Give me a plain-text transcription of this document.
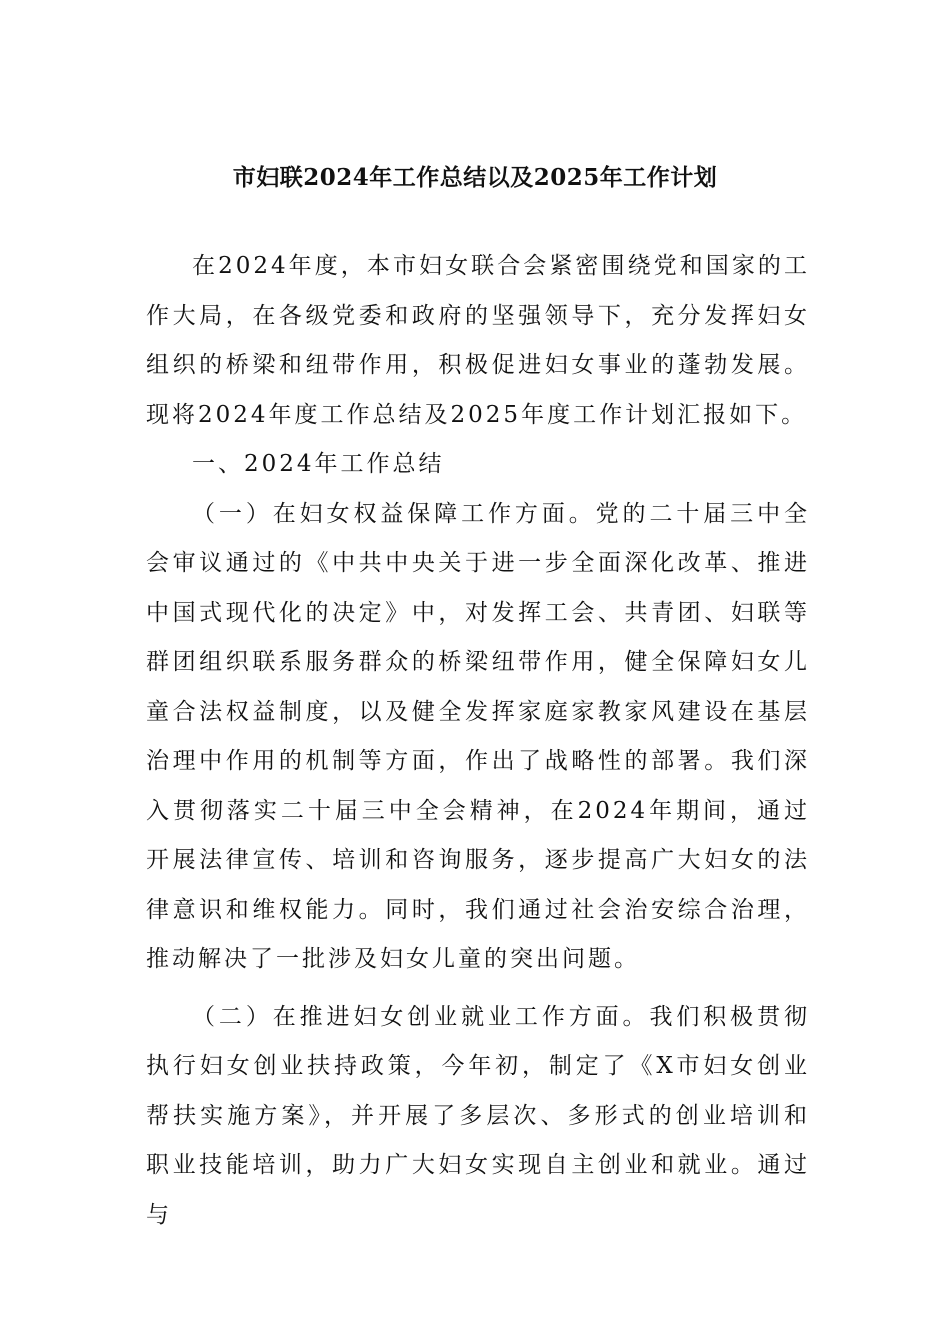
市妇联2024年工作总结以及2025年工作计划

在2024年度，本市妇女联合会紧密围绕党和国家的工作大局，在各级党委和政府的坚强领导下，充分发挥妇女组织的桥梁和纽带作用，积极促进妇女事业的蓬勃发展。现将2024年度工作总结及2025年度工作计划汇报如下。

一、2024年工作总结

（一）在妇女权益保障工作方面。党的二十届三中全会审议通过的《中共中央关于进一步全面深化改革、推进中国式现代化的决定》中，对发挥工会、共青团、妇联等群团组织联系服务群众的桥梁纽带作用，健全保障妇女儿童合法权益制度，以及健全发挥家庭家教家风建设在基层治理中作用的机制等方面，作出了战略性的部署。我们深入贯彻落实二十届三中全会精神，在2024年期间，通过开展法律宣传、培训和咨询服务，逐步提高广大妇女的法律意识和维权能力。同时，我们通过社会治安综合治理，推动解决了一批涉及妇女儿童的突出问题。

（二）在推进妇女创业就业工作方面。我们积极贯彻执行妇女创业扶持政策，今年初，制定了《X市妇女创业帮扶实施方案》，并开展了多层次、多形式的创业培训和职业技能培训，助力广大妇女实现自主创业和就业。通过与
